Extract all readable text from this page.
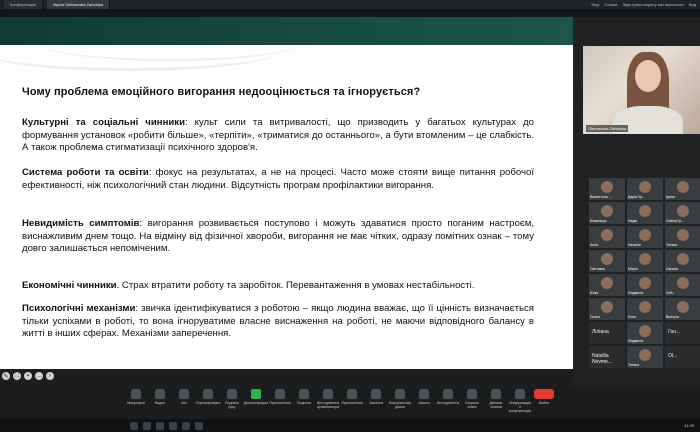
Конференция	Экран Oleksandra Zahorska	Stop Голова Звук трансляции у вас выключен Вид
Чому проблема емоційного вигорання недооцінюється та ігнорується?
Культурні та соціальні чинники: культ сили та витривалості, що призводить у багатьох культурах до формування установок «робити більше», «терпіти», «триматися до останнього», а бути втомленим – це слабкість. А також проблема стигматизації психічного здоров'я.
Система роботи та освіти: фокус на результатах, а не на процесі. Часто може стояти вище питання робочої ефективності, ніж психологічний стан людини. Відсутність програм профілактики вигорання.
Невидимість симптомів: вигорання розвивається поступово і можуть здаватися просто поганим настроєм, виснажливим днем тощо. На відміну від фізичної хвороби, вигорання не має чітких, одразу помітних ознак – тому довго залишається непоміченим.
Економічні чинники. Страх втратити роботу та заробіток. Перевантаження в умовах нестабільності.
Психологічні механізми: звичка ідентифікуватися з роботою – якщо людина вважає, що її цінність визначається тільки успіхами в роботі, то вона ігноруватиме власне виснаження на роботі, не маючи відповідного балансу в житті в інших сферах. Механізми заперечення.
✎	⛶	▪	…	›
Oleksandra Zahorska
Валентина ...	Дарія Хр...	Ірина
Ковальчук	Надія	Олена Гр...
Анна	Наталія	Тетяна
Світлана	Марія	Оксана
Юлія	Людмила	Сей...
Ольга	Лілія	Вікторія
Ліліана
Людмила
Ган...
Natallia Nevme...	Тетяна
Ol...
Микрофон	Видео	Чат Отреагировать	Поднять руку
Демонстрация Приложения Подписи Инструменты организатора
Приложения Заметки Виртуальная доска
Запись Инструменты	Открыть сеанс
Данные сеанса
Информация о конференции
Выйти
11:09
